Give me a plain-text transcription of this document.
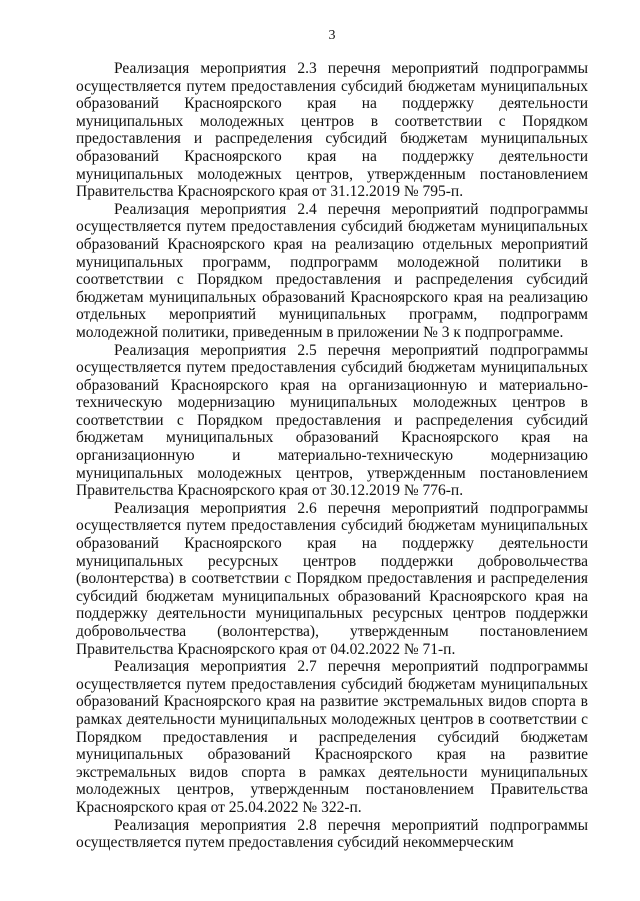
3

Реализация мероприятия 2.3 перечня мероприятий подпрограммы осуществляется путем предоставления субсидий бюджетам муниципальных образований Красноярского края на поддержку деятельности муниципальных молодежных центров в соответствии с Порядком предоставления и распределения субсидий бюджетам муниципальных образований Красноярского края на поддержку деятельности муниципальных молодежных центров, утвержденным постановлением Правительства Красноярского края от 31.12.2019 № 795-п.

Реализация мероприятия 2.4 перечня мероприятий подпрограммы осуществляется путем предоставления субсидий бюджетам муниципальных образований Красноярского края на реализацию отдельных мероприятий муниципальных программ, подпрограмм молодежной политики в соответствии с Порядком предоставления и распределения субсидий бюджетам муниципальных образований Красноярского края на реализацию отдельных мероприятий муниципальных программ, подпрограмм молодежной политики, приведенным в приложении № 3 к подпрограмме.

Реализация мероприятия 2.5 перечня мероприятий подпрограммы осуществляется путем предоставления субсидий бюджетам муниципальных образований Красноярского края на организационную и материально-техническую модернизацию муниципальных молодежных центров в соответствии с Порядком предоставления и распределения субсидий бюджетам муниципальных образований Красноярского края на организационную и материально-техническую модернизацию муниципальных молодежных центров, утвержденным постановлением Правительства Красноярского края от 30.12.2019 № 776-п.

Реализация мероприятия 2.6 перечня мероприятий подпрограммы осуществляется путем предоставления субсидий бюджетам муниципальных образований Красноярского края на поддержку деятельности муниципальных ресурсных центров поддержки добровольчества (волонтерства) в соответствии с Порядком предоставления и распределения субсидий бюджетам муниципальных образований Красноярского края на поддержку деятельности муниципальных ресурсных центров поддержки добровольчества (волонтерства), утвержденным постановлением Правительства Красноярского края от 04.02.2022 № 71-п.

Реализация мероприятия 2.7 перечня мероприятий подпрограммы осуществляется путем предоставления субсидий бюджетам муниципальных образований Красноярского края на развитие экстремальных видов спорта в рамках деятельности муниципальных молодежных центров в соответствии с Порядком предоставления и распределения субсидий бюджетам муниципальных образований Красноярского края на развитие экстремальных видов спорта в рамках деятельности муниципальных молодежных центров, утвержденным постановлением Правительства Красноярского края от 25.04.2022 № 322-п.

Реализация мероприятия 2.8 перечня мероприятий подпрограммы осуществляется путем предоставления субсидий некоммерческим
